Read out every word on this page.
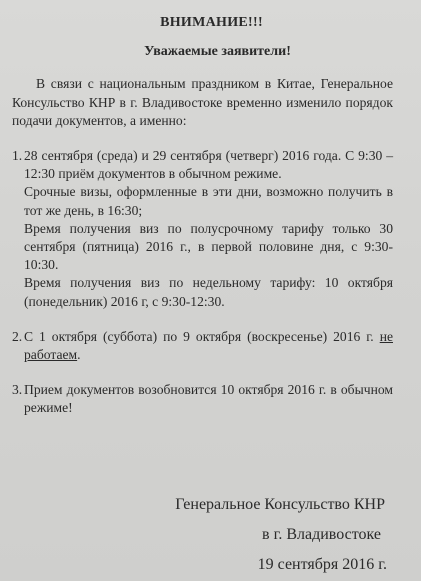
ВНИМАНИЕ!!!
Уважаемые заявители!

В связи с национальным праздником в Китае, Генеральное Консульство КНР в г. Владивостоке временно изменило порядок подачи документов, а именно:

1. 28 сентября (среда) и 29 сентября (четверг) 2016 года. С 9:30 – 12:30 приём документов в обычном режиме.

Срочные визы, оформленные в эти дни, возможно получить в тот же день, в 16:30;

Время получения виз по полусрочному тарифу только 30 сентября (пятница) 2016 г., в первой половине дня, с 9:30-10:30.

Время получения виз по недельному тарифу: 10 октября (понедельник) 2016 г, с 9:30-12:30.

2. С 1 октября (суббота) по 9 октября (воскресенье) 2016 г. не работаем.

3. Прием документов возобновится 10 октября 2016 г. в обычном режиме!

Генеральное Консульство КНР
в г. Владивостоке
19 сентября 2016 г.
